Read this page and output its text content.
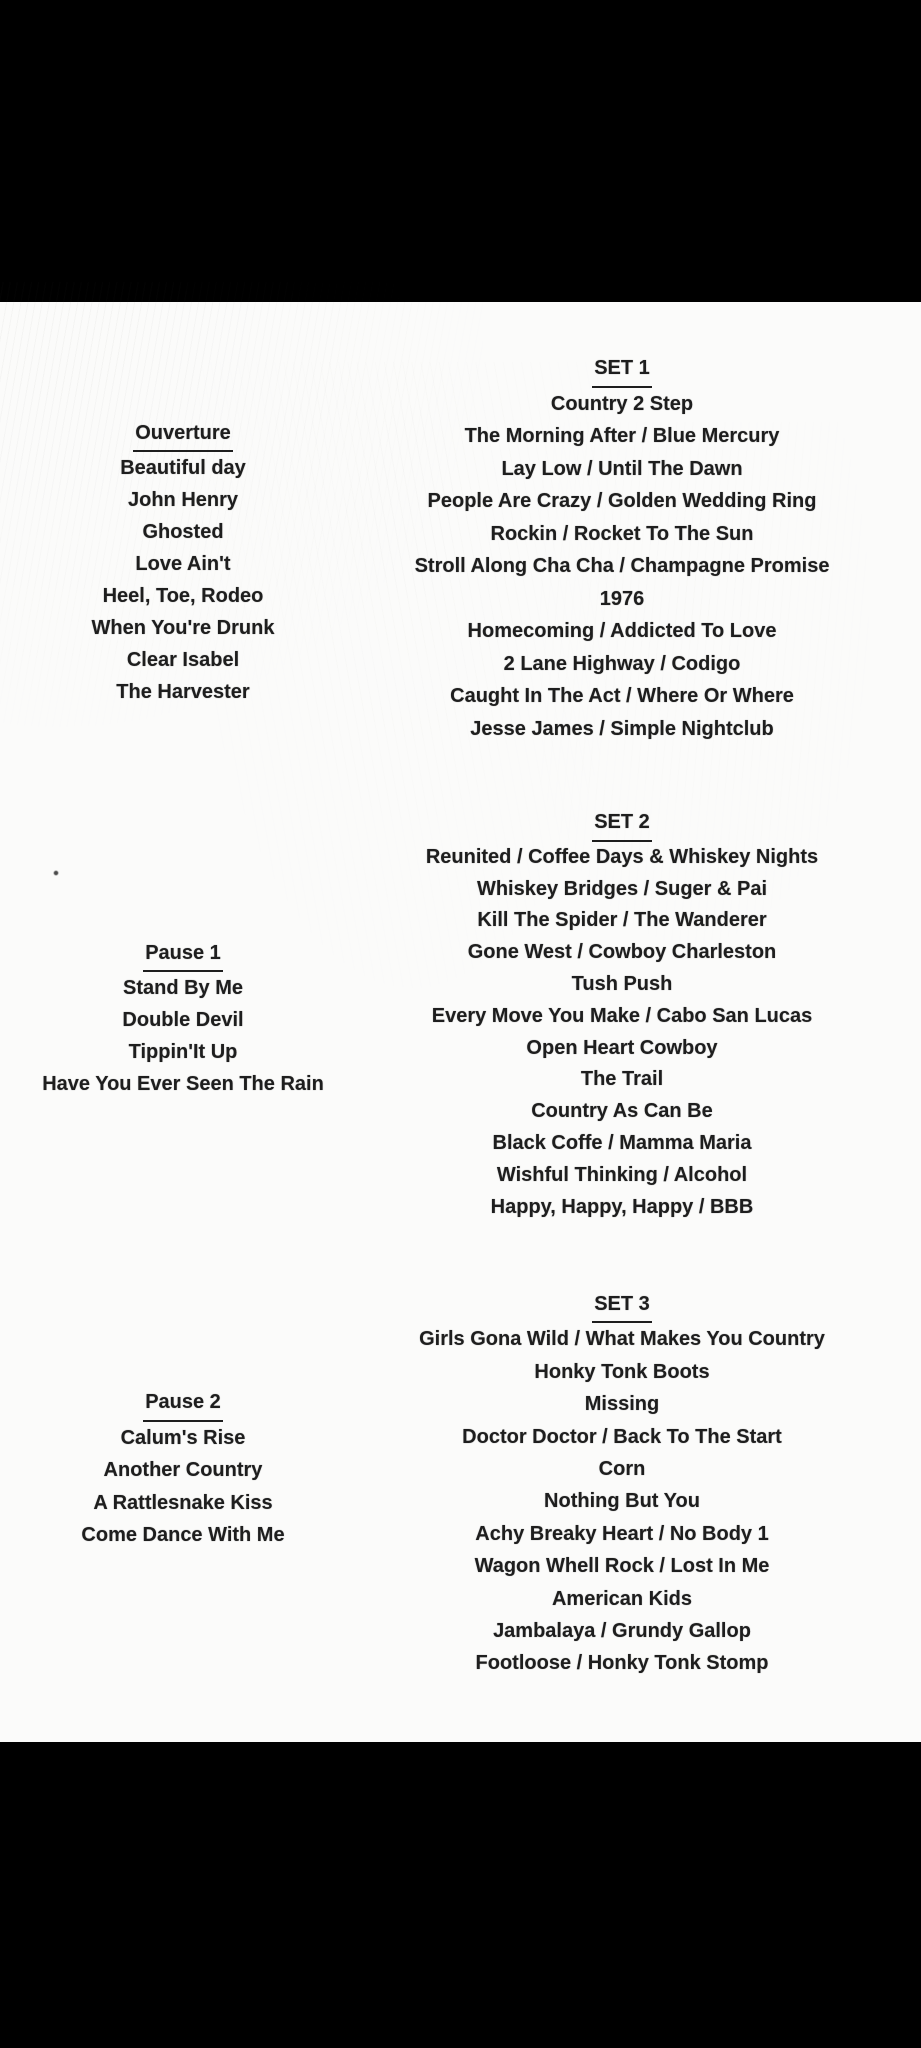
SET 1
Country 2 Step
The Morning After / Blue Mercury
Lay Low / Until The Dawn
People Are Crazy / Golden Wedding Ring
Rockin / Rocket To The Sun
Stroll Along Cha Cha / Champagne Promise
1976
Homecoming / Addicted To Love
2 Lane Highway / Codigo
Caught In The Act / Where Or Where
Jesse James / Simple Nightclub
Ouverture
Beautiful day
John Henry
Ghosted
Love Ain't
Heel, Toe, Rodeo
When You're Drunk
Clear Isabel
The Harvester
SET 2
Reunited / Coffee Days & Whiskey Nights
Whiskey Bridges / Suger & Pai
Kill The Spider / The Wanderer
Gone West / Cowboy Charleston
Tush Push
Every Move You Make / Cabo San Lucas
Open Heart Cowboy
The Trail
Country As Can Be
Black Coffe / Mamma Maria
Wishful Thinking / Alcohol
Happy, Happy, Happy / BBB
Pause 1
Stand By Me
Double Devil
Tippin'It Up
Have You Ever Seen The Rain
SET 3
Girls Gona Wild / What Makes You Country
Honky Tonk Boots
Missing
Doctor Doctor / Back To The Start
Corn
Nothing But You
Achy Breaky Heart / No Body 1
Wagon Whell Rock / Lost In Me
American Kids
Jambalaya / Grundy Gallop
Footloose / Honky Tonk Stomp
Pause 2
Calum's Rise
Another Country
A Rattlesnake Kiss
Come Dance With Me
